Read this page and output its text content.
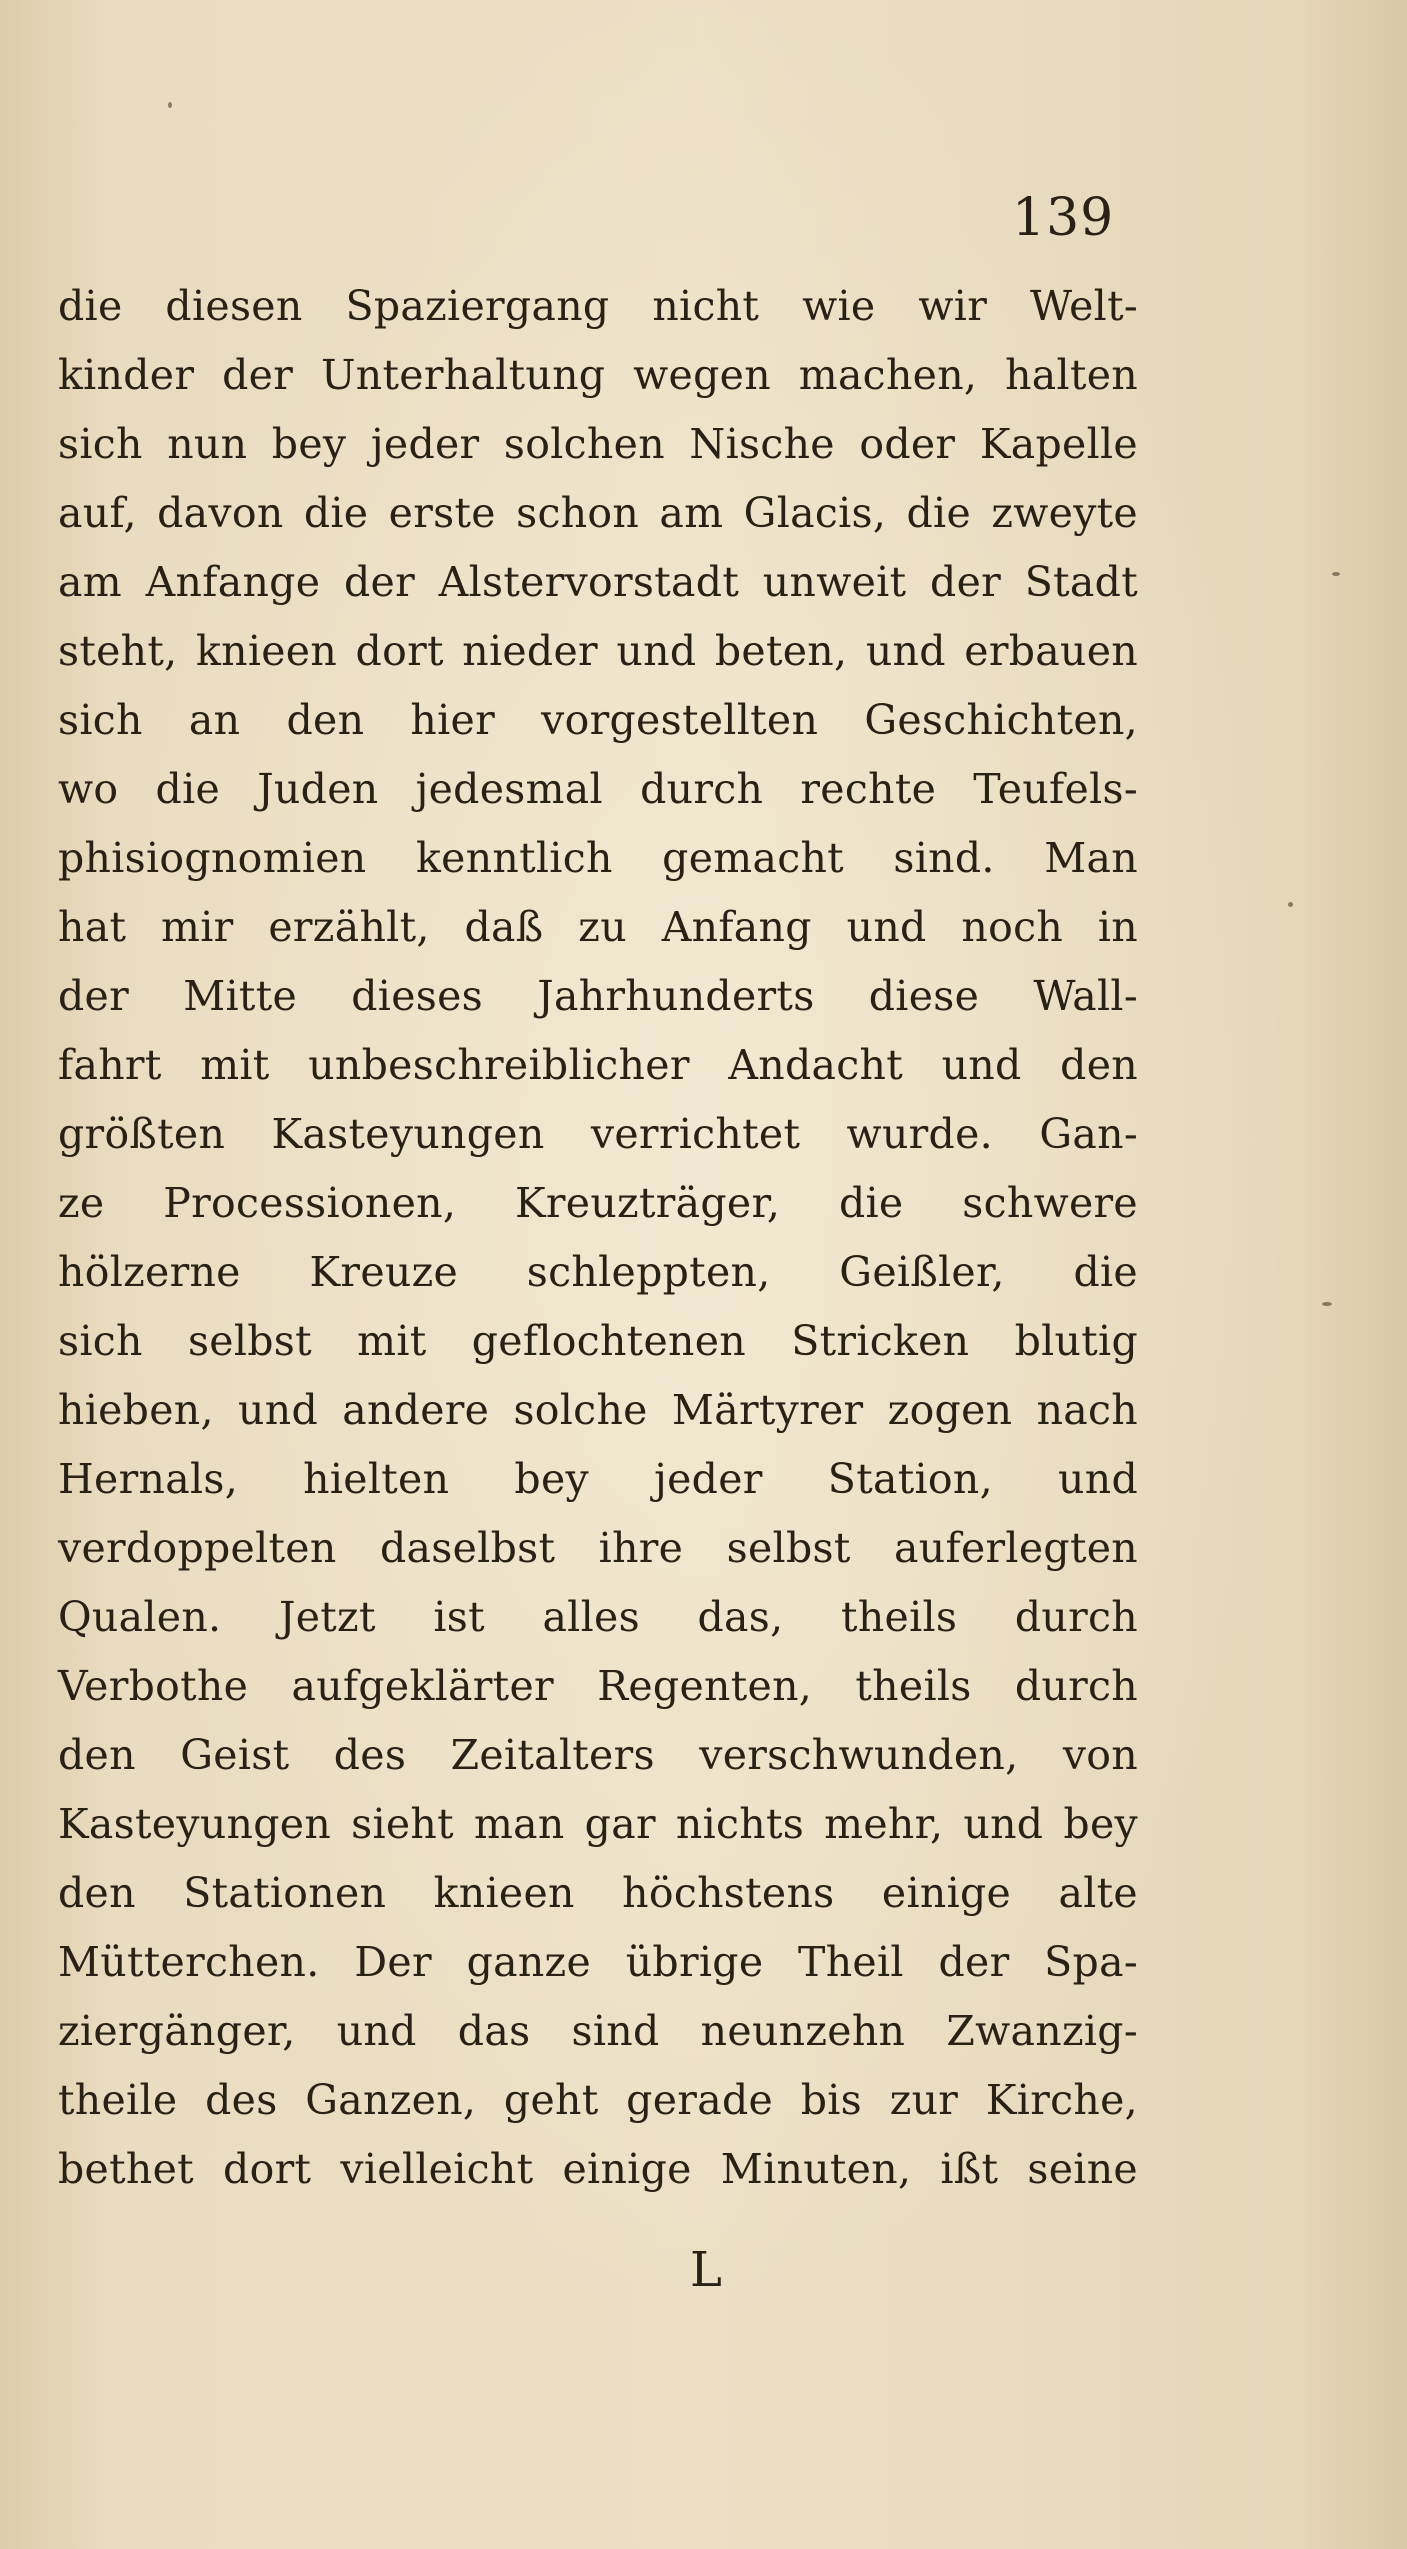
139
die diesen Spaziergang nicht wie wir Welt-
kinder der Unterhaltung wegen machen, halten
sich nun bey jeder solchen Nische oder Kapelle
auf, davon die erste schon am Glacis, die zweyte
am Anfange der Alstervorstadt unweit der Stadt
steht, knieen dort nieder und beten, und erbauen
sich an den hier vorgestellten Geschichten,
wo die Juden jedesmal durch rechte Teufels-
phisiognomien kenntlich gemacht sind. Man
hat mir erzählt, daß zu Anfang und noch in
der Mitte dieses Jahrhunderts diese Wall-
fahrt mit unbeschreiblicher Andacht und den
größten Kasteyungen verrichtet wurde. Gan-
ze Processionen, Kreuzträger, die schwere
hölzerne Kreuze schleppten, Geißler, die
sich selbst mit geflochtenen Stricken blutig
hieben, und andere solche Märtyrer zogen nach
Hernals, hielten bey jeder Station, und
verdoppelten daselbst ihre selbst auferlegten
Qualen. Jetzt ist alles das, theils durch
Verbothe aufgeklärter Regenten, theils durch
den Geist des Zeitalters verschwunden, von
Kasteyungen sieht man gar nichts mehr, und bey
den Stationen knieen höchstens einige alte
Mütterchen. Der ganze übrige Theil der Spa-
ziergänger, und das sind neunzehn Zwanzig-
theile des Ganzen, geht gerade bis zur Kirche,
bethet dort vielleicht einige Minuten, ißt seine
L
